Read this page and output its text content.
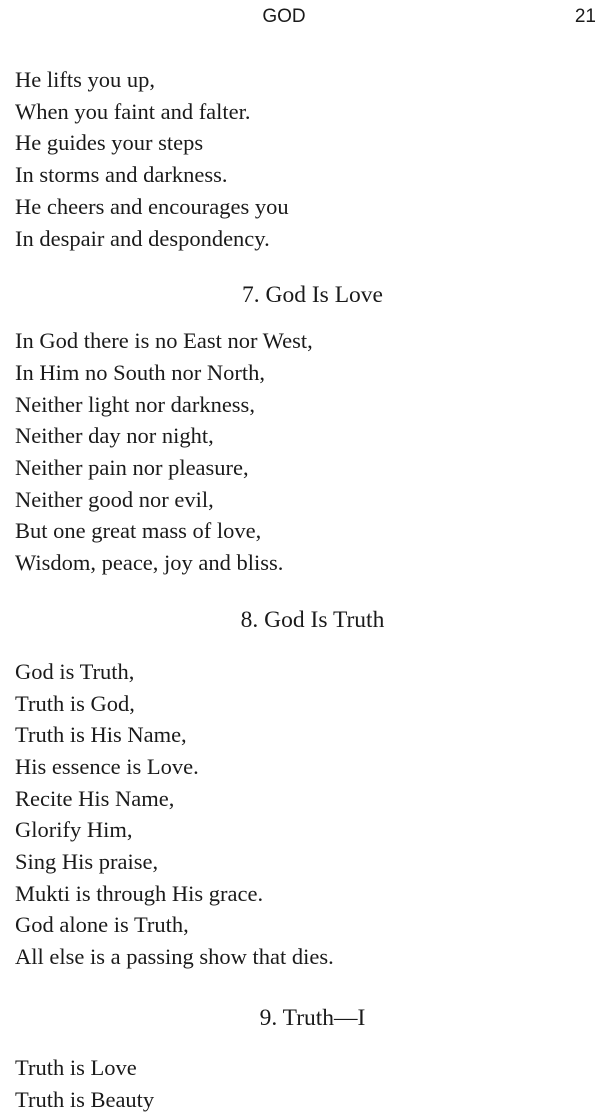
GOD	21
He lifts you up,
When you faint and falter.
He guides your steps
In storms and darkness.
He cheers and encourages you
In despair and despondency.
7. God Is Love
In God there is no East nor West,
In Him no South nor North,
Neither light nor darkness,
Neither day nor night,
Neither pain nor pleasure,
Neither good nor evil,
But one great mass of love,
Wisdom, peace, joy and bliss.
8. God Is Truth
God is Truth,
Truth is God,
Truth is His Name,
His essence is Love.
Recite His Name,
Glorify Him,
Sing His praise,
Mukti is through His grace.
God alone is Truth,
All else is a passing show that dies.
9. Truth—I
Truth is Love
Truth is Beauty
